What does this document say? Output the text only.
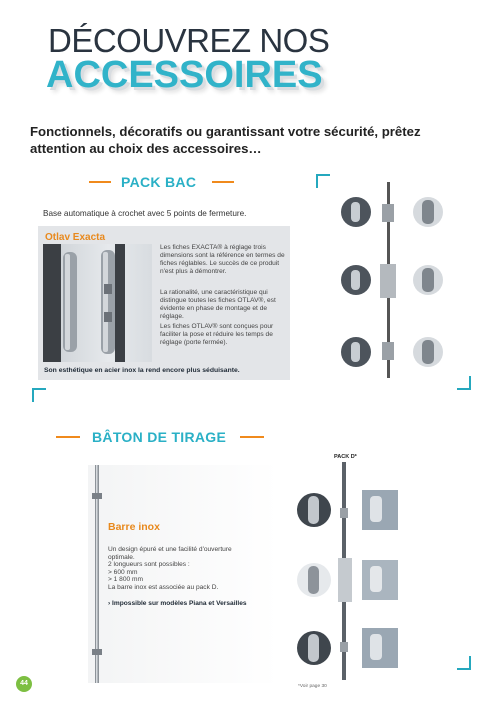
DÉCOUVREZ NOS
ACCESSOIRES
Fonctionnels, décoratifs ou garantissant votre sécurité, prêtez attention au choix des accessoires…
PACK BAC
Base automatique à crochet avec 5 points de fermeture.
Otlav Exacta
Les fiches EXACTA® à réglage trois dimensions sont la référence en termes de fiches réglables. Le succès de ce produit n'est plus à démontrer.
La rationalité, une caractéristique qui distingue toutes les fiches OTLAV®, est évidente en phase de montage et de réglage.
Les fiches OTLAV® sont conçues pour faciliter la pose et réduire les temps de réglage (porte fermée).
Son esthétique en acier inox la rend encore plus séduisante.
BÂTON DE TIRAGE
Barre inox
Un design épuré et une facilité d'ouverture
optimale.
2 longueurs sont possibles :
> 600 mm
> 1 800 mm
La barre inox est associée au pack D.
› Impossible sur modèles Piana et Versailles
PACK D*
*Voir page 30
44
